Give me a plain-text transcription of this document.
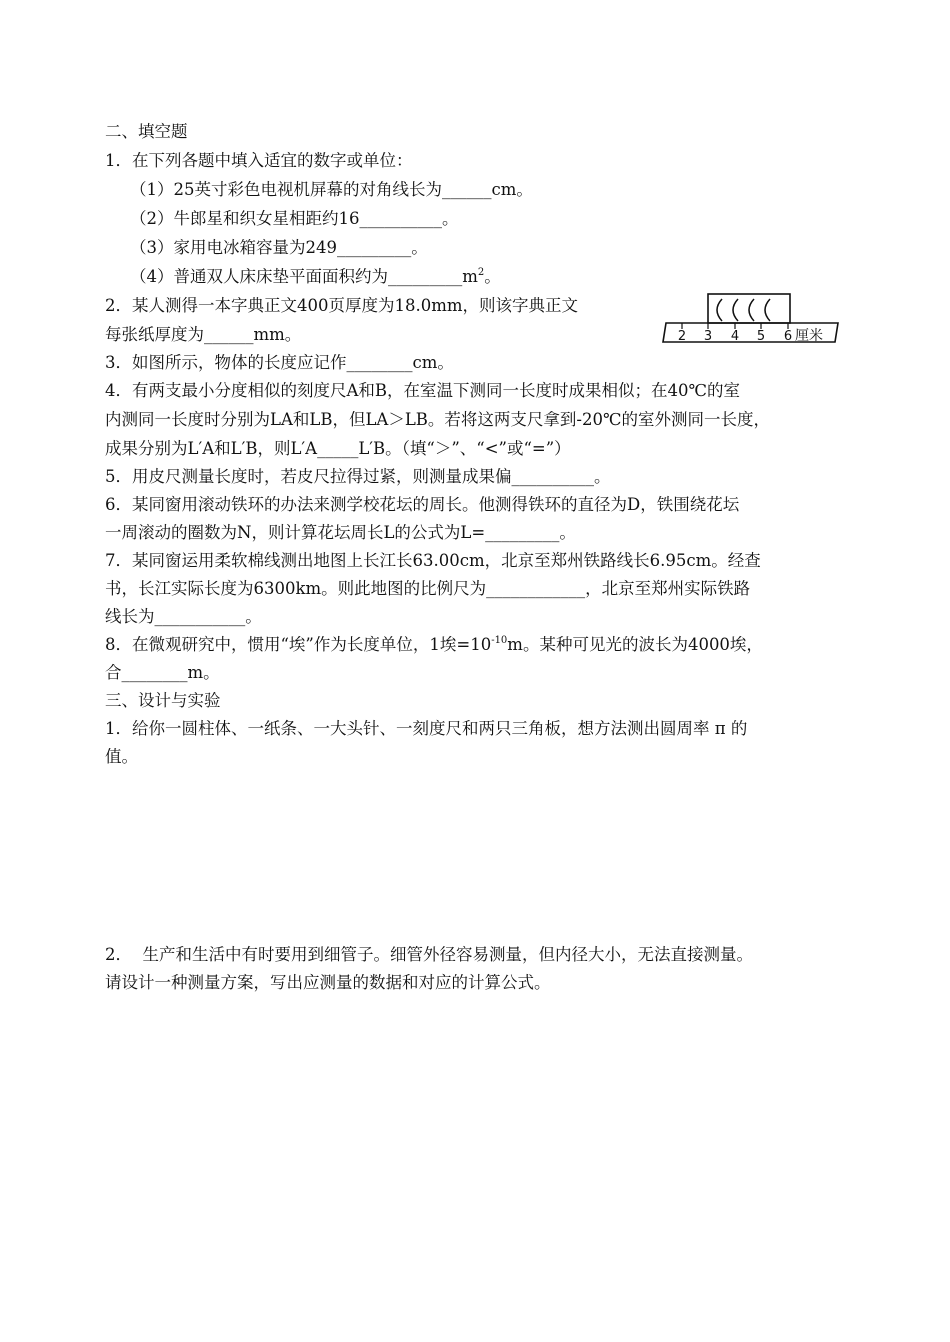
二、填空题
1．在下列各题中填入适宜的数字或单位：
（1）25英寸彩色电视机屏幕的对角线长为______cm。
（2）牛郎星和织女星相距约16__________。
（3）家用电冰箱容量为249_________。
（4）普通双人床床垫平面面积约为$\_\_\_\_\_\_\_\_\_m^2$。
2．某人测得一本字典正文400页厚度为18.0mm，则该字典正文
每张纸厚度为______mm。	2 3 4 5 6 厘米
3．如图所示，物体的长度应记作________cm。
4．有两支最小分度相似的刻度尺A和B，在室温下测同一长度时成果相似；在40℃的室
内测同一长度时分别为LA和LB，但LA＞LB。若将这两支尺拿到-20℃的室外测同一长度，
成果分别为L′A和L′B，则L′A_____L′B。（填“＞”、“<”或“=”）
5．用皮尺测量长度时，若皮尺拉得过紧，则测量成果偏__________。
6．某同窗用滚动铁环的办法来测学校花坛的周长。他测得铁环的直径为D，铁围绕花坛
一周滚动的圈数为N，则计算花坛周长L的公式为L=_________。
7．某同窗运用柔软棉线测出地图上长江长63.00cm，北京至郑州铁路线长6.95cm。经查
书，长江实际长度为6300km。则此地图的比例尺为____________，北京至郑州实际铁路
线长为___________。
8．在微观研究中，惯用“埃”作为长度单位，1埃$=10^{-10}m$。某种可见光的波长为4000埃，
合________m。
三、设计与实验
1．给你一圆柱体、一纸条、一大头针、一刻度尺和两只三角板，想方法测出圆周率 π 的
值。
2．  生产和生活中有时要用到细管子。细管外径容易测量，但内径大小，无法直接测量。
请设计一种测量方案，写出应测量的数据和对应的计算公式。
